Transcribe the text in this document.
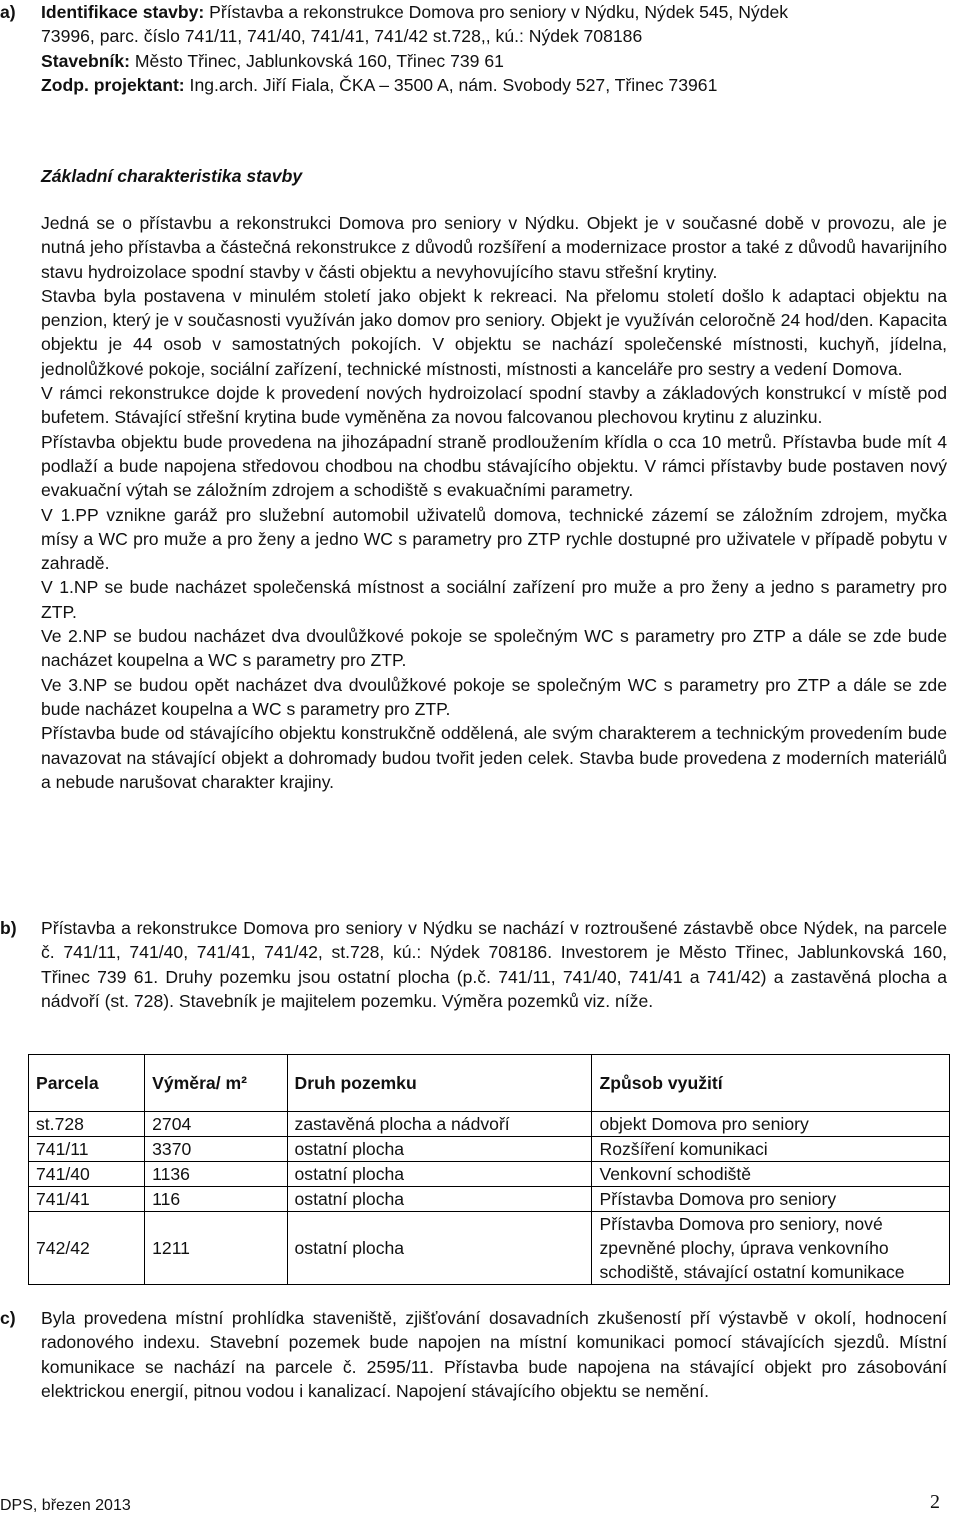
a) Identifikace stavby: Přístavba a rekonstrukce Domova pro seniory v Nýdku, Nýdek 545, Nýdek
73996, parc. číslo 741/11, 741/40, 741/41, 741/42 st.728,, kú.: Nýdek 708186
Stavebník: Město Třinec, Jablunkovská 160, Třinec 739 61
Zodp. projektant: Ing.arch. Jiří Fiala, ČKA – 3500 A, nám. Svobody 527, Třinec 73961
Základní charakteristika stavby

Jedná se o přístavbu a rekonstrukci Domova pro seniory v Nýdku. Objekt je v současné době v provozu, ale je nutná jeho přístavba a částečná rekonstrukce z důvodů rozšíření a modernizace prostor a také z důvodů havarijního stavu hydroizolace spodní stavby v části objektu a nevyhovujícího stavu střešní krytiny.

Stavba byla postavena v minulém století jako objekt k rekreaci. Na přelomu století došlo k adaptaci objektu na penzion, který je v současnosti využíván jako domov pro seniory. Objekt je využíván celoročně 24 hod/den. Kapacita objektu je 44 osob v samostatných pokojích. V objektu se nachází společenské místnosti, kuchyň, jídelna, jednolůžkové pokoje, sociální zařízení, technické místnosti, místnosti a kanceláře pro sestry a vedení Domova.

V rámci rekonstrukce dojde k provedení nových hydroizolací spodní stavby a základových konstrukcí v místě pod bufetem. Stávající střešní krytina bude vyměněna za novou falcovanou plechovou krytinu z aluzinku.

Přístavba objektu bude provedena na jihozápadní straně prodloužením křídla o cca 10 metrů. Přístavba bude mít 4 podlaží a bude napojena středovou chodbou na chodbu stávajícího objektu. V rámci přístavby bude postaven nový evakuační výtah se záložním zdrojem a schodiště s evakuačními parametry.

V 1.PP vznikne garáž pro služební automobil uživatelů domova, technické zázemí se záložním zdrojem, myčka mísy a WC pro muže a pro ženy a jedno WC s parametry pro ZTP rychle dostupné pro uživatele v případě pobytu v zahradě.

V 1.NP se bude nacházet společenská místnost a sociální zařízení pro muže a pro ženy a jedno s parametry pro ZTP.

Ve 2.NP se budou nacházet dva dvoulůžkové pokoje se společným WC s parametry pro ZTP a dále se zde bude nacházet koupelna a WC s parametry pro ZTP.

Ve 3.NP se budou opět nacházet dva dvoulůžkové pokoje se společným WC s parametry pro ZTP a dále se zde bude nacházet koupelna a WC s parametry pro ZTP.

Přístavba bude od stávajícího objektu konstrukčně oddělená, ale svým charakterem a technickým provedením bude navazovat na stávající objekt a dohromady budou tvořit jeden celek. Stavba bude provedena z moderních materiálů a nebude narušovat charakter krajiny.

b) Přístavba a rekonstrukce Domova pro seniory v Nýdku se nachází v roztroušené zástavbě obce Nýdek, na parcele č. 741/11, 741/40, 741/41, 741/42, st.728, kú.: Nýdek 708186. Investorem je Město Třinec, Jablunkovská 160, Třinec 739 61. Druhy pozemku jsou ostatní plocha (p.č. 741/11, 741/40, 741/41 a 741/42) a zastavěná plocha a nádvoří (st. 728). Stavebník je majitelem pozemku. Výměra pozemků viz. níže.

Parcela	Výměra/ m²	Druh pozemku	Způsob využití
st.728	2704	zastavěná plocha a nádvoří	objekt Domova pro seniory
741/11	3370	ostatní plocha	Rozšíření komunikaci
741/40	1136	ostatní plocha	Venkovní schodiště
741/41	116	ostatní plocha	Přístavba Domova pro seniory
742/42	1211	ostatní plocha	Přístavba Domova pro seniory, nové zpevněné plochy, úprava venkovního schodiště, stávající ostatní komunikace
c) Byla provedena místní prohlídka staveniště, zjišťování dosavadních zkušeností pří výstavbě v okolí, hodnocení radonového indexu. Stavební pozemek bude napojen na místní komunikaci pomocí stávajících sjezdů. Místní komunikace se nachází na parcele č. 2595/11. Přístavba bude napojena na stávající objekt pro zásobování elektrickou energií, pitnou vodou i kanalizací. Napojení stávajícího objektu se nemění.

DPS, březen 2013	2
